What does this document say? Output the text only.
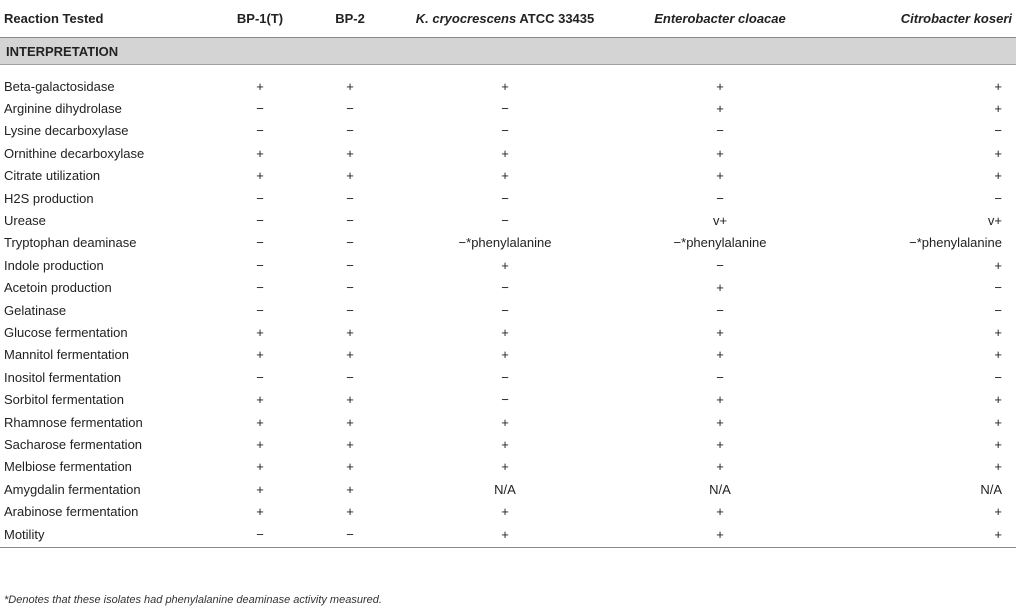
Reaction Tested	BP-1(T)	BP-2	K. cryocrescens ATCC 33435	Enterobacter cloacae	Citrobacter koseri
INTERPRETATION					

Beta-galactosidase	+	+	+	+	+
Arginine dihydrolase	−	−	−	+	+
Lysine decarboxylase	−	−	−	−	−
Ornithine decarboxylase	+	+	+	+	+
Citrate utilization	+	+	+	+	+
H2S production	−	−	−	−	−
Urease	−	−	−	v+	v+
Tryptophan deaminase	−	−	−*phenylalanine	−*phenylalanine	−*phenylalanine
Indole production	−	−	+	−	+
Acetoin production	−	−	−	+	−
Gelatinase	−	−	−	−	−
Glucose fermentation	+	+	+	+	+
Mannitol fermentation	+	+	+	+	+
Inositol fermentation	−	−	−	−	−
Sorbitol fermentation	+	+	−	+	+
Rhamnose fermentation	+	+	+	+	+
Sacharose fermentation	+	+	+	+	+
Melbiose fermentation	+	+	+	+	+
Amygdalin fermentation	+	+	N/A	N/A	N/A
Arabinose fermentation	+	+	+	+	+
Motility	−	−	+	+	+
*Denotes that these isolates had phenylalanine deaminase activity measured.
